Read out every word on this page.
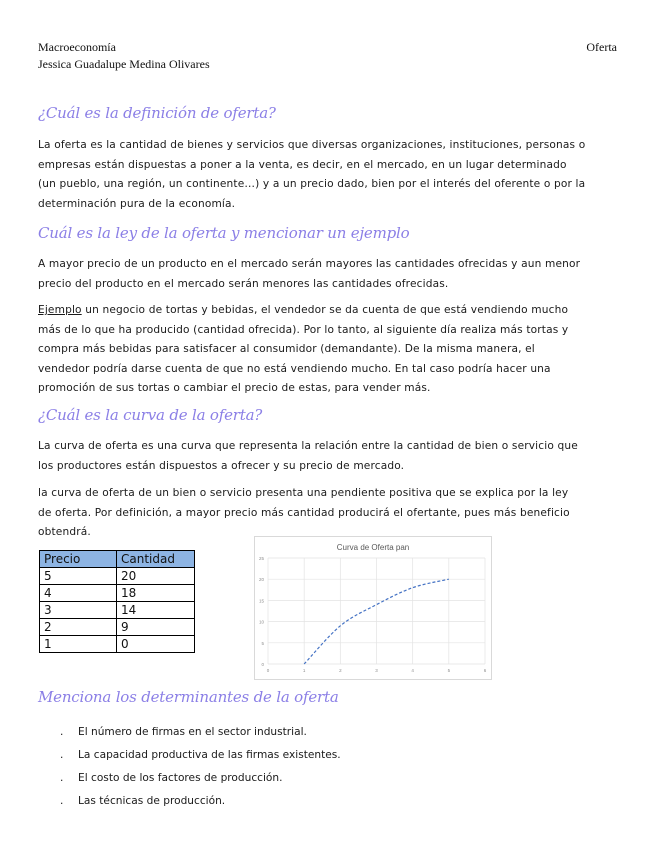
Macroeconomía
Jessica Guadalupe Medina Olivares
Oferta
¿Cuál es la definición de oferta?
La oferta es la cantidad de bienes y servicios que diversas organizaciones, instituciones, personas o
empresas están dispuestas a poner a la venta, es decir, en el mercado, en un lugar determinado
(un pueblo, una región, un continente…) y a un precio dado, bien por el interés del oferente o por la
determinación pura de la economía.
Cuál es la ley de la oferta y mencionar un ejemplo
A mayor precio de un producto en el mercado serán mayores las cantidades ofrecidas y aun menor
precio del producto en el mercado serán menores las cantidades ofrecidas.
Ejemplo un negocio de tortas y bebidas, el vendedor se da cuenta de que está vendiendo mucho
más de lo que ha producido (cantidad ofrecida). Por lo tanto, al siguiente día realiza más tortas y
compra más bebidas para satisfacer al consumidor (demandante). De la misma manera, el
vendedor podría darse cuenta de que no está vendiendo mucho. En tal caso podría hacer una
promoción de sus tortas o cambiar el precio de estas, para vender más.
¿Cuál es la curva de la oferta?
La curva de oferta es una curva que representa la relación entre la cantidad de bien o servicio que
los productores están dispuestos a ofrecer y su precio de mercado.
la curva de oferta de un bien o servicio presenta una pendiente positiva que se explica por la ley
de oferta. Por definición, a mayor precio más cantidad producirá el ofertante, pues más beneficio
obtendrá.
Precio	Cantidad
5	20
4	18
3	14
2	9
1	0
Curva de Oferta pan
0
5
10
15
20
25
0	1	2	3	4	5	6
Menciona los determinantes de la oferta
. El número de firmas en el sector industrial.
. La capacidad productiva de las firmas existentes.
. El costo de los factores de producción.
. Las técnicas de producción.
